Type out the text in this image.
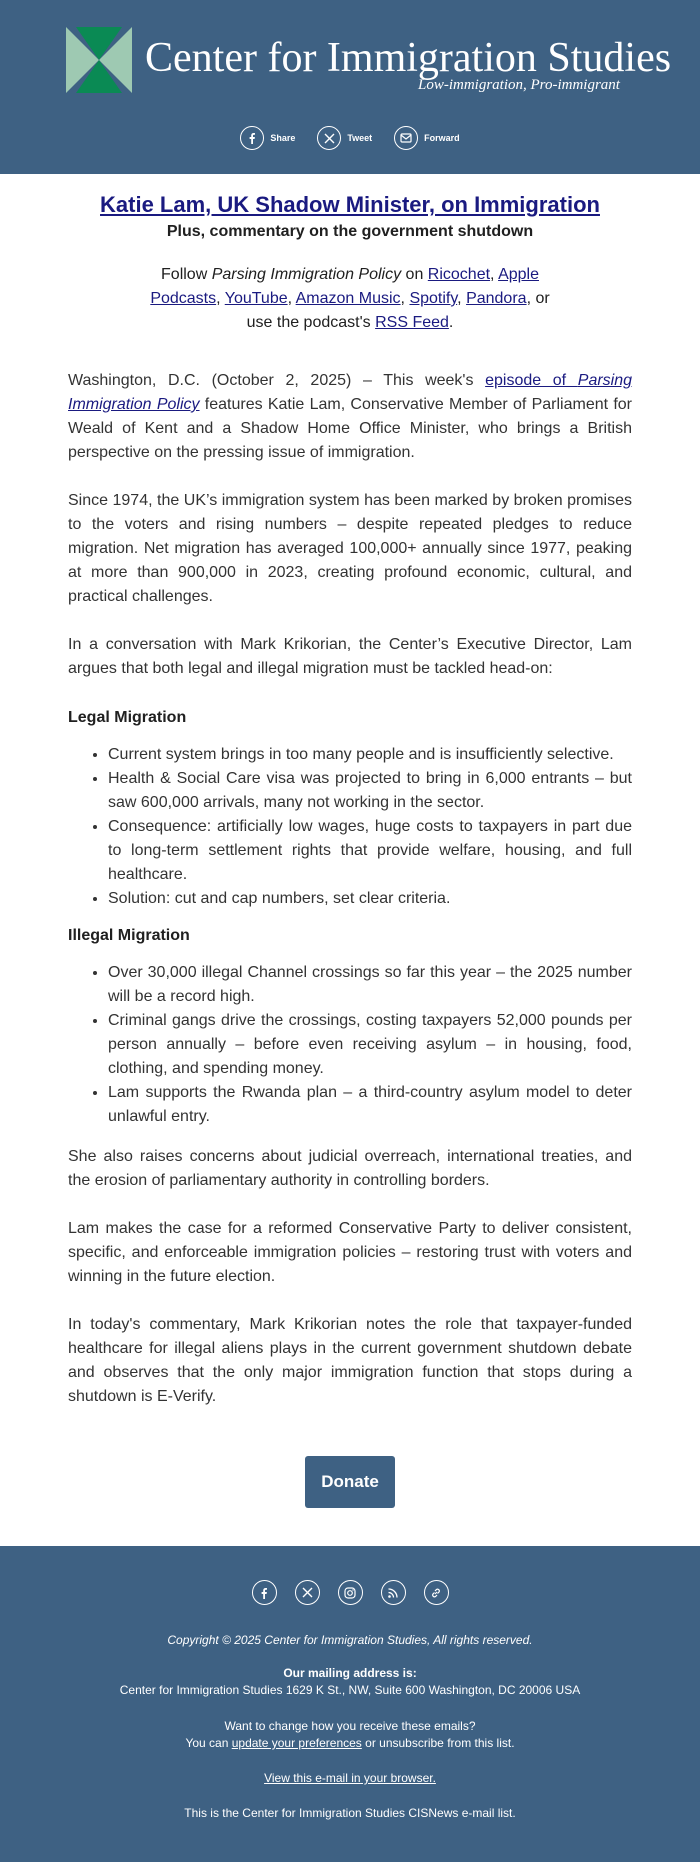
Center for Immigration Studies
Low-immigration, Pro-immigrant
Share	Tweet	Forward
Katie Lam, UK Shadow Minister, on Immigration
Plus, commentary on the government shutdown
Follow Parsing Immigration Policy on Ricochet, Apple Podcasts, YouTube, Amazon Music, Spotify, Pandora, or use the podcast's RSS Feed.

Washington, D.C. (October 2, 2025) – This week's episode of Parsing Immigration Policy features Katie Lam, Conservative Member of Parliament for Weald of Kent and a Shadow Home Office Minister, who brings a British perspective on the pressing issue of immigration.

Since 1974, the UK’s immigration system has been marked by broken promises to the voters and rising numbers – despite repeated pledges to reduce migration. Net migration has averaged 100,000+ annually since 1977, peaking at more than 900,000 in 2023, creating profound economic, cultural, and practical challenges.

In a conversation with Mark Krikorian, the Center’s Executive Director, Lam argues that both legal and illegal migration must be tackled head-on:

Legal Migration
• Current system brings in too many people and is insufficiently selective.
• Health & Social Care visa was projected to bring in 6,000 entrants – but saw 600,000 arrivals, many not working in the sector.
• Consequence: artificially low wages, huge costs to taxpayers in part due to long-term settlement rights that provide welfare, housing, and full healthcare.
• Solution: cut and cap numbers, set clear criteria.
Illegal Migration
• Over 30,000 illegal Channel crossings so far this year – the 2025 number will be a record high.
• Criminal gangs drive the crossings, costing taxpayers 52,000 pounds per person annually – before even receiving asylum – in housing, food, clothing, and spending money.
• Lam supports the Rwanda plan – a third-country asylum model to deter unlawful entry.

She also raises concerns about judicial overreach, international treaties, and the erosion of parliamentary authority in controlling borders.

Lam makes the case for a reformed Conservative Party to deliver consistent, specific, and enforceable immigration policies – restoring trust with voters and winning in the future election.

In today's commentary, Mark Krikorian notes the role that taxpayer-funded healthcare for illegal aliens plays in the current government shutdown debate and observes that the only major immigration function that stops during a shutdown is E-Verify.

Donate
Copyright © 2025 Center for Immigration Studies, All rights reserved.
Our mailing address is:
Center for Immigration Studies 1629 K St., NW, Suite 600 Washington, DC 20006 USA
Want to change how you receive these emails?
You can update your preferences or unsubscribe from this list.
View this e-mail in your browser.
This is the Center for Immigration Studies CISNews e-mail list.
